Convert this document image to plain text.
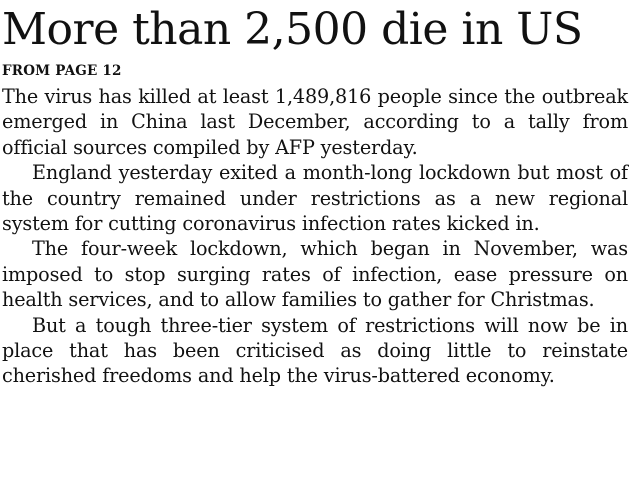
More than 2,500 die in US
FROM PAGE 12

The virus has killed at least 1,489,816 people since the outbreak emerged in China last December, according to a tally from official sources compiled by AFP yesterday.

England yesterday exited a month-long lockdown but most of the country remained under restrictions as a new regional system for cutting coronavirus infection rates kicked in.

The four-week lockdown, which began in November, was imposed to stop surging rates of infection, ease pressure on health services, and to allow families to gather for Christmas.

But a tough three-tier system of restrictions will now be in place that has been criticised as doing little to reinstate cherished freedoms and help the virus-battered economy.
